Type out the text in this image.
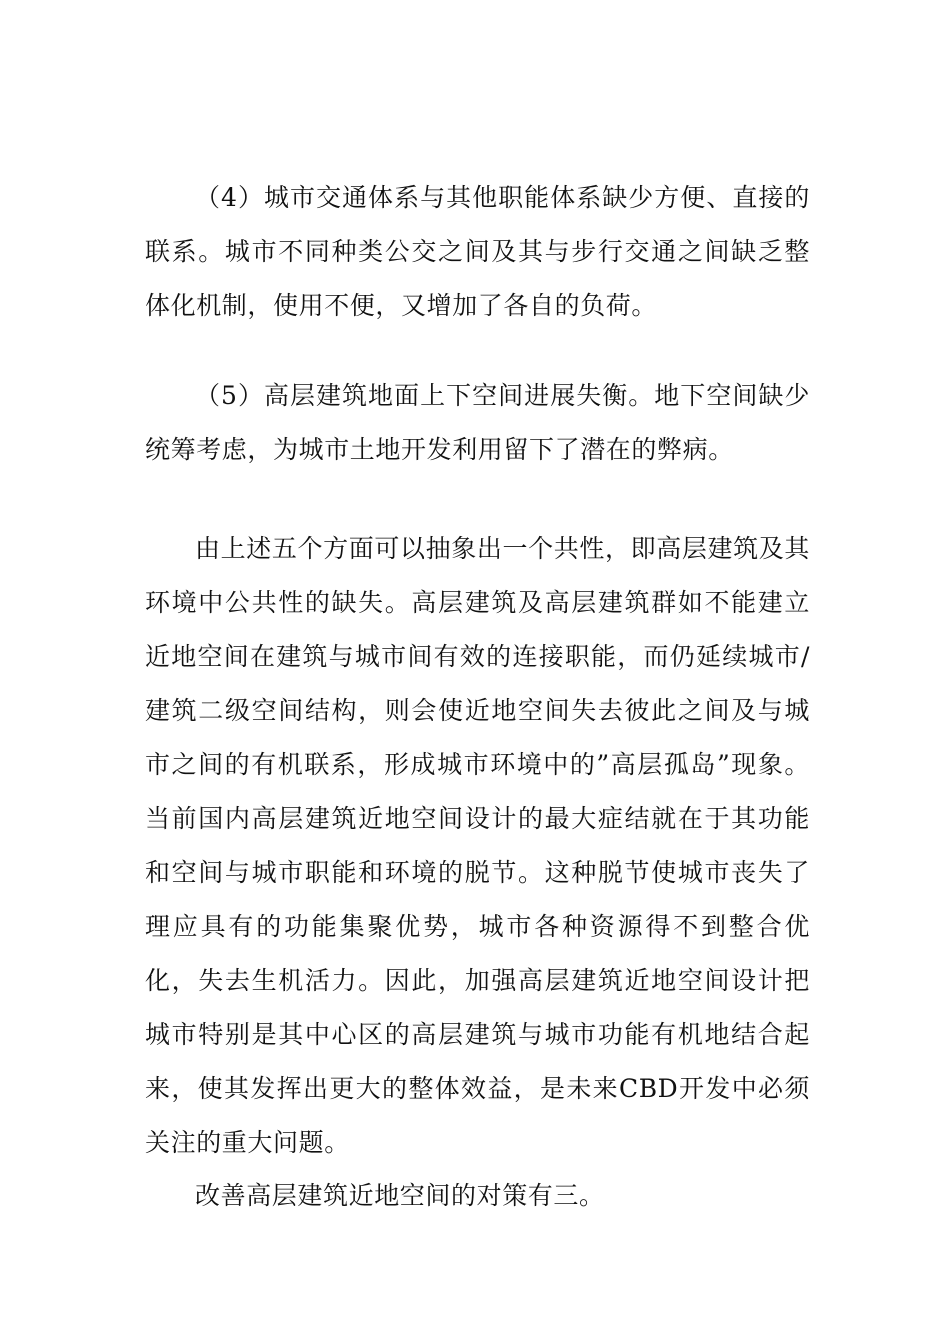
（4）城市交通体系与其他职能体系缺少方便、直接的联系。城市不同种类公交之间及其与步行交通之间缺乏整体化机制，使用不便，又增加了各自的负荷。

（5）高层建筑地面上下空间进展失衡。地下空间缺少统筹考虑，为城市土地开发利用留下了潜在的弊病。

由上述五个方面可以抽象出一个共性，即高层建筑及其环境中公共性的缺失。高层建筑及高层建筑群如不能建立近地空间在建筑与城市间有效的连接职能，而仍延续城市/建筑二级空间结构，则会使近地空间失去彼此之间及与城市之间的有机联系，形成城市环境中的”高层孤岛”现象。当前国内高层建筑近地空间设计的最大症结就在于其功能和空间与城市职能和环境的脱节。这种脱节使城市丧失了理应具有的功能集聚优势，城市各种资源得不到整合优化，失去生机活力。因此，加强高层建筑近地空间设计把城市特别是其中心区的高层建筑与城市功能有机地结合起来，使其发挥出更大的整体效益，是未来CBD开发中必须关注的重大问题。

改善高层建筑近地空间的对策有三。
